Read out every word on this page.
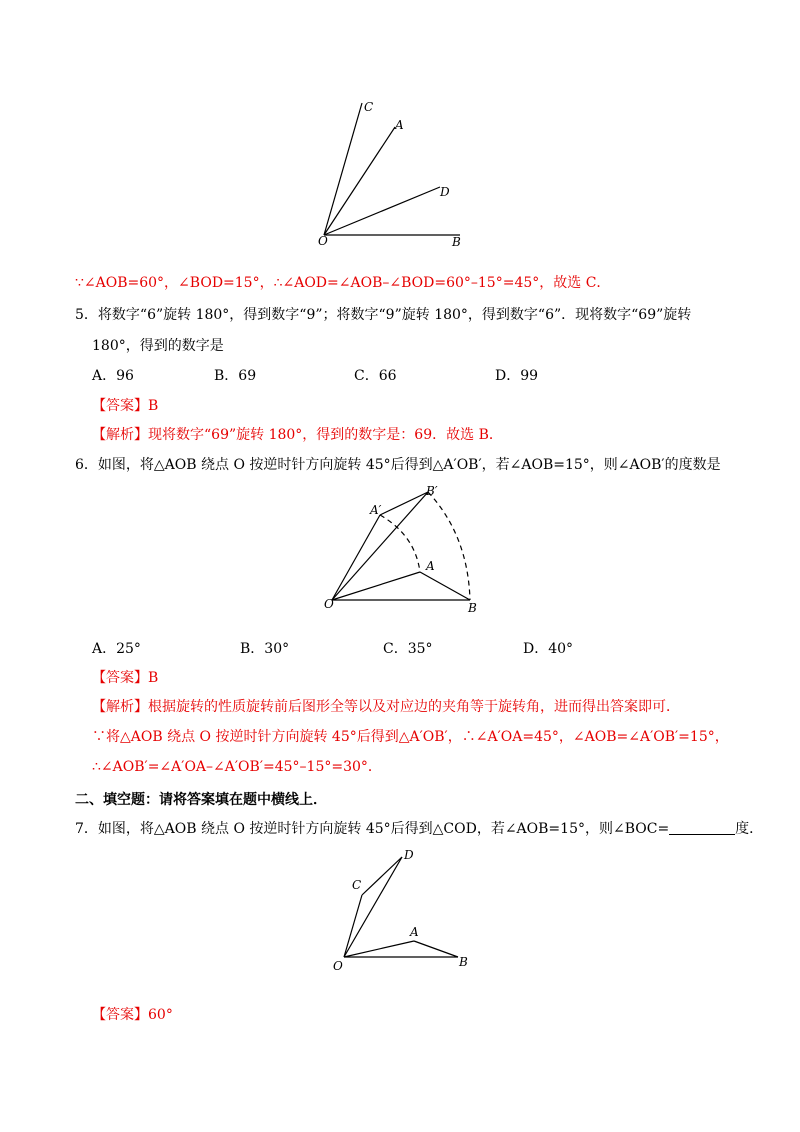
C
A
D
O	B
∵∠AOB=60°，∠BOD=15°，∴∠AOD=∠AOB–∠BOD=60°–15°=45°，故选 C．
5．将数字“6”旋转 180°，得到数字“9”；将数字“9”旋转 180°，得到数字“6”．现将数字“69”旋转
180°，得到的数字是
A．96	B．69	C．66	D．99
【答案】B
【解析】现将数字“69”旋转 180°，得到的数字是：69．故选 B．
6．如图，将△AOB 绕点 O 按逆时针方向旋转 45°后得到△A′OB′，若∠AOB=15°，则∠AOB′的度数是
A′
B′
A
O	B
A．25°	B．30°	C．35°	D．40°
【答案】B
【解析】根据旋转的性质旋转前后图形全等以及对应边的夹角等于旋转角，进而得出答案即可．
∵将△AOB 绕点 O 按逆时针方向旋转 45°后得到△A′OB′，∴∠A′OA=45°，∠AOB=∠A′OB′=15°，
∴∠AOB′=∠A′OA–∠A′OB′=45°–15°=30°．
二、填空题：请将答案填在题中横线上．
7．如图，将△AOB 绕点 O 按逆时针方向旋转 45°后得到△COD，若∠AOB=15°，则∠BOC=	度．
D
C
A
O	B
【答案】60°
